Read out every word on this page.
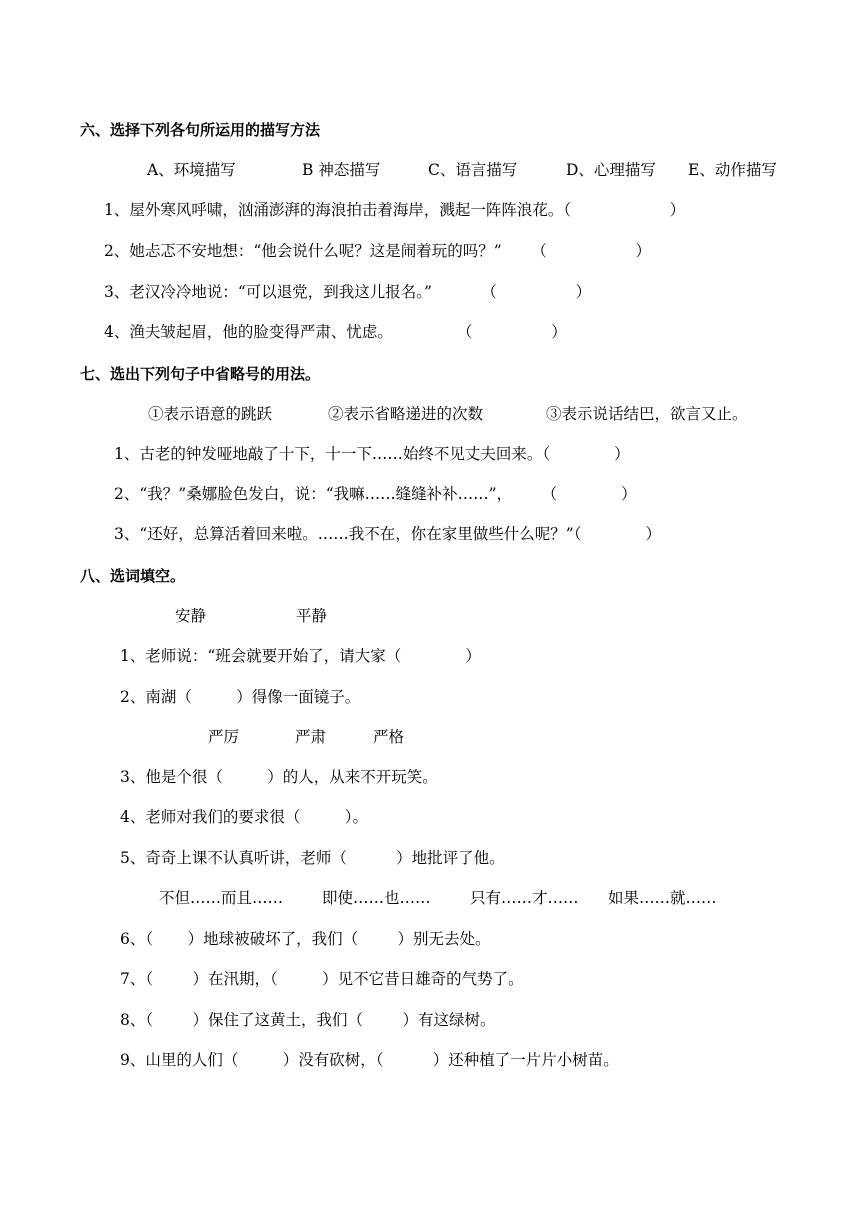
六、选择下列各句所运用的描写方法
A、环境描写	B 神态描写	C、语言描写	D、心理描写 E、动作描写
1、屋外寒风呼啸，汹涌澎湃的海浪拍击着海岸，溅起一阵阵浪花。（                    ）
2、她忐忑不安地想：“他会说什么呢？这是闹着玩的吗？”      （                  ）
3、老汉冷冷地说：“可以退党，到我这儿报名。”          （                ）
4、渔夫皱起眉，他的脸变得严肃、忧虑。             （                ）
七、选出下列句子中省略号的用法。
①表示语意的跳跃	②表示省略递进的次数	③表示说话结巴，欲言又止。
1、古老的钟发哑地敲了十下，十一下……始终不见丈夫回来。（             ）
2、“我？”桑娜脸色发白，说：“我嘛……缝缝补补……”，      （             ）
3、“还好，总算活着回来啦。……我不在，你在家里做些什么呢？”（             ）
八、选词填空。
安静	平静
1、老师说：“班会就要开始了，请大家（             ）
2、南湖（         ）得像一面镜子。
严厉	严肃	严格
3、他是个很（         ）的人，从来不开玩笑。
4、老师对我们的要求很（         ）。
5、奇奇上课不认真听讲，老师（          ）地批评了他。
不但……而且……	即使……也……	只有……才…… 如果……就……
6、（       ）地球被破坏了，我们（        ）别无去处。
7、（        ）在汛期，（         ）见不它昔日雄奇的气势了。
8、（        ）保住了这黄土，我们（        ）有这绿树。
9、山里的人们（         ）没有砍树，（          ）还种植了一片片小树苗。
